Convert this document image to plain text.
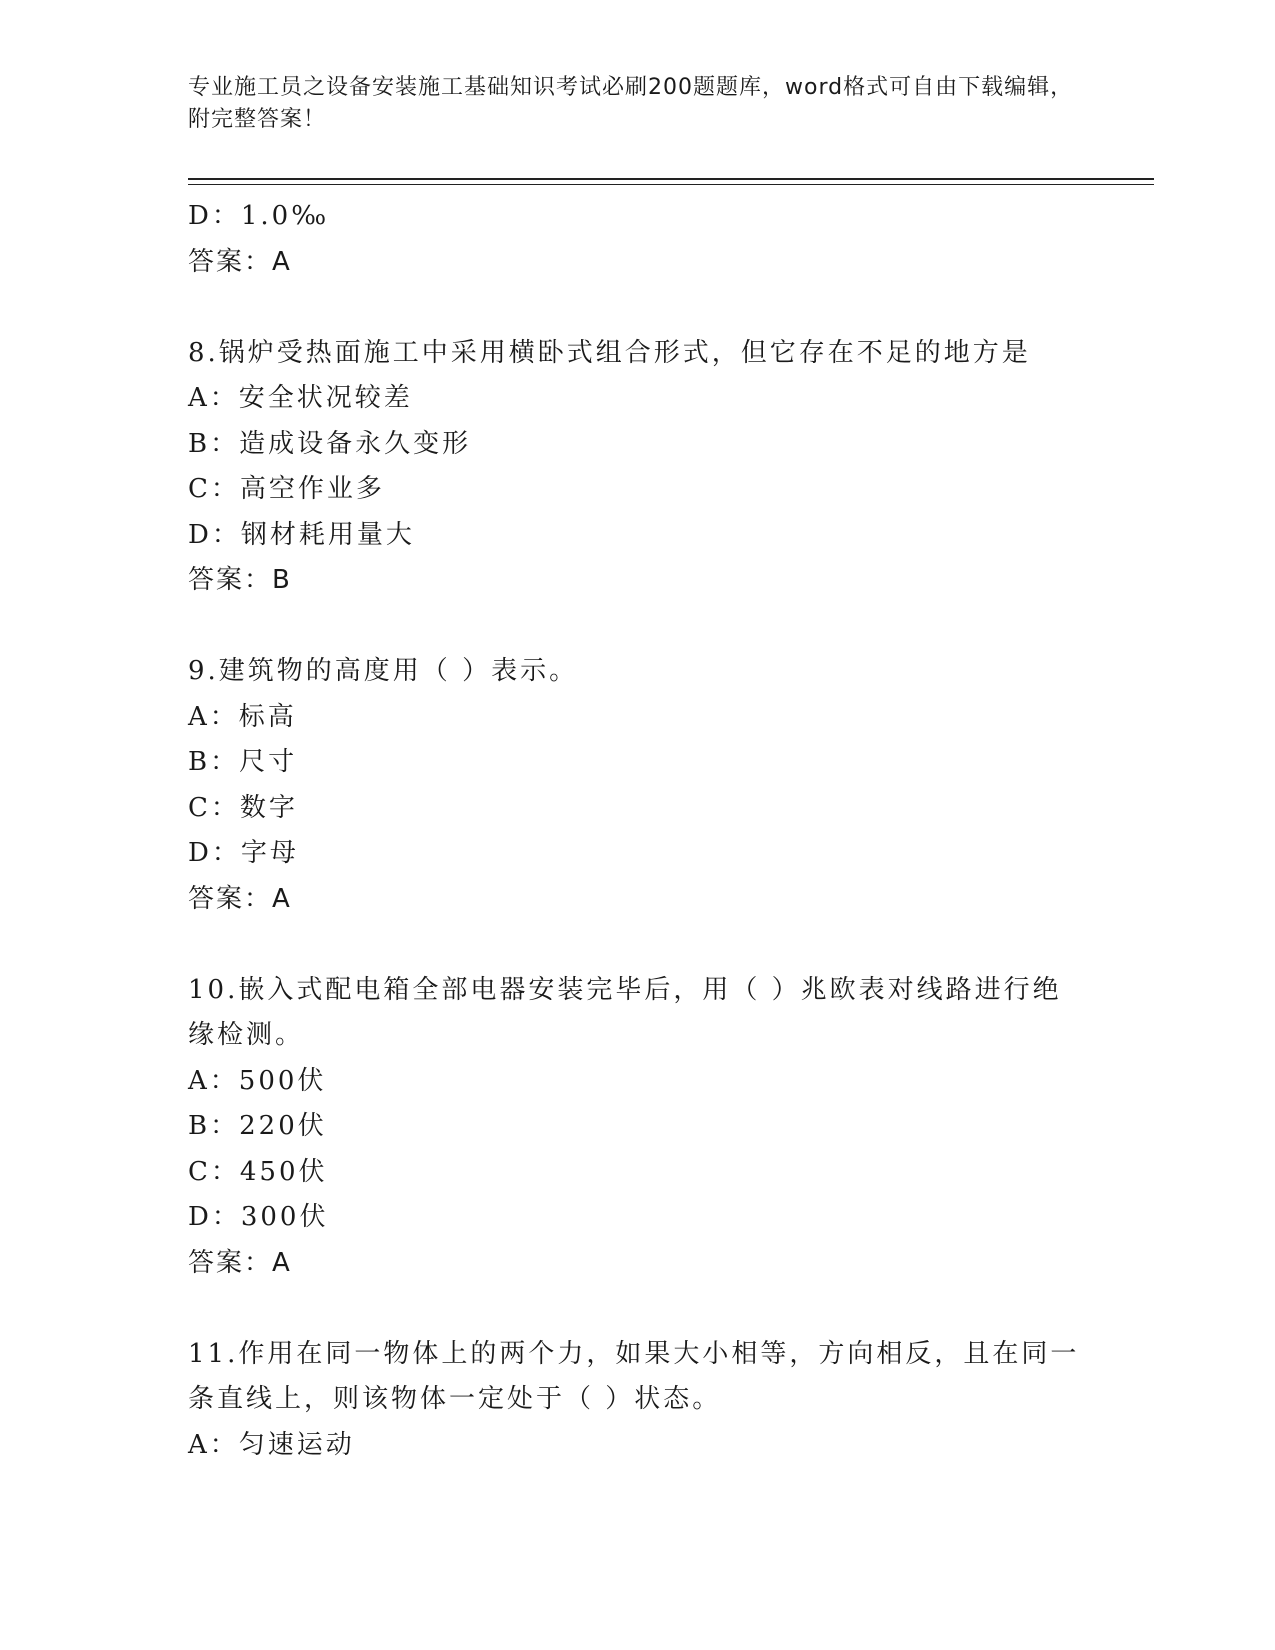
专业施工员之设备安装施工基础知识考试必刷200题题库，word格式可自由下载编辑，附完整答案！
D：1.0‰
答案：A
8.锅炉受热面施工中采用横卧式组合形式，但它存在不足的地方是
A：安全状况较差
B：造成设备永久变形
C：高空作业多
D：钢材耗用量大
答案：B
9.建筑物的高度用（ ）表示。
A：标高
B：尺寸
C：数字
D：字母
答案：A
10.嵌入式配电箱全部电器安装完毕后，用（ ）兆欧表对线路进行绝
缘检测。
A：500伏
B：220伏
C：450伏
D：300伏
答案：A
11.作用在同一物体上的两个力，如果大小相等，方向相反，且在同一
条直线上，则该物体一定处于（ ）状态。
A：匀速运动
